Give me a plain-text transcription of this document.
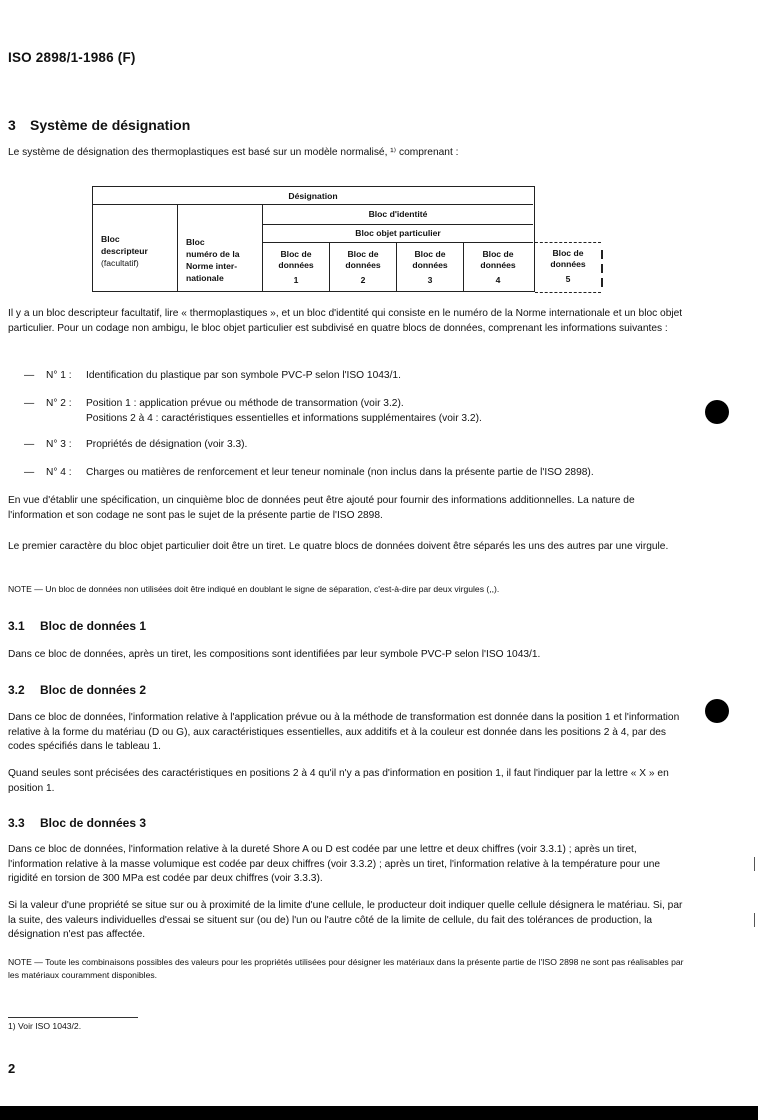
ISO 2898/1-1986 (F)
3 Système de désignation
Le système de désignation des thermoplastiques est basé sur un modèle normalisé, ¹⁾ comprenant :
Désignation
Bloc d'identité
Bloc objet particulier
Bloc
descripteur
(facultatif)
Bloc
numéro de la
Norme inter-
nationale
Bloc de
données
1
Bloc de
données
2
Bloc de
données
3
Bloc de
données
4
Bloc de
données
5
Il y a un bloc descripteur facultatif, lire « thermoplastiques », et un bloc d'identité qui consiste en le numéro de la Norme internationale et un bloc objet particulier. Pour un codage non ambigu, le bloc objet particulier est subdivisé en quatre blocs de données, comprenant les informations suivantes :
— N° 1 : Identification du plastique par son symbole PVC-P selon l'ISO 1043/1.
— N° 2 : Position 1 : application prévue ou méthode de transormation (voir 3.2).
Positions 2 à 4 : caractéristiques essentielles et informations supplémentaires (voir 3.2).
— N° 3 : Propriétés de désignation (voir 3.3).
— N° 4 : Charges ou matières de renforcement et leur teneur nominale (non inclus dans la présente partie de l'ISO 2898).
En vue d'établir une spécification, un cinquième bloc de données peut être ajouté pour fournir des informations additionnelles. La nature de l'information et son codage ne sont pas le sujet de la présente partie de l'ISO 2898.
Le premier caractère du bloc objet particulier doit être un tiret. Le quatre blocs de données doivent être séparés les uns des autres par une virgule.
NOTE — Un bloc de données non utilisées doit être indiqué en doublant le signe de séparation, c'est-à-dire par deux virgules (,,).
3.1 Bloc de données 1
Dans ce bloc de données, après un tiret, les compositions sont identifiées par leur symbole PVC-P selon l'ISO 1043/1.
3.2 Bloc de données 2
Dans ce bloc de données, l'information relative à l'application prévue ou à la méthode de transformation est donnée dans la position 1 et l'information relative à la forme du matériau (D ou G), aux caractéristiques essentielles, aux additifs et à la couleur est donnée dans les positions 2 à 4, par des codes spécifiés dans le tableau 1.
Quand seules sont précisées des caractéristiques en positions 2 à 4 qu'il n'y a pas d'information en position 1, il faut l'indiquer par la lettre « X » en position 1.
3.3 Bloc de données 3
Dans ce bloc de données, l'information relative à la dureté Shore A ou D est codée par une lettre et deux chiffres (voir 3.3.1) ; après un tiret, l'information relative à la masse volumique est codée par deux chiffres (voir 3.3.2) ; après un tiret, l'information relative à la température pour une rigidité en torsion de 300 MPa est codée par deux chiffres (voir 3.3.3).
Si la valeur d'une propriété se situe sur ou à proximité de la limite d'une cellule, le producteur doit indiquer quelle cellule désignera le matériau. Si, par la suite, des valeurs individuelles d'essai se situent sur (ou de) l'un ou l'autre côté de la limite de cellule, du fait des tolérances de production, la désignation n'est pas affectée.
NOTE — Toute les combinaisons possibles des valeurs pour les propriétés utilisées pour désigner les matériaux dans la présente partie de l'ISO 2898 ne sont pas réalisables par les matériaux couramment disponibles.
1) Voir ISO 1043/2.
2
